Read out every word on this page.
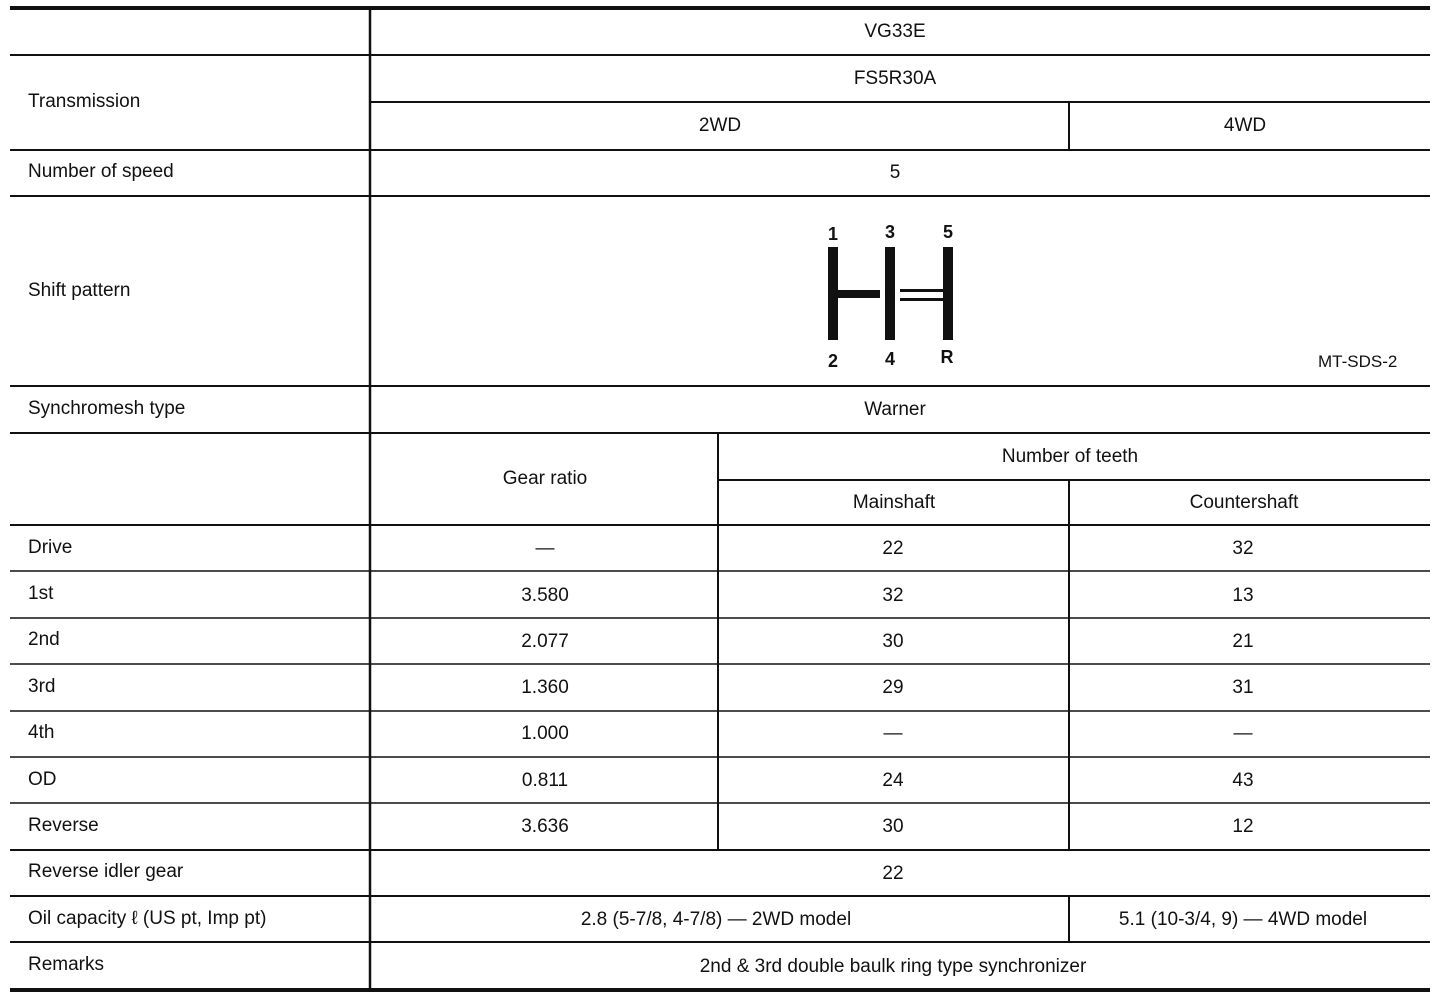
VG33E
Transmission
FS5R30A
2WD	4WD
Number of speed	5
Shift pattern
1	3	5
2	4	R
N
MT-SDS-2
Synchromesh type	Warner
Gear ratio
Number of teeth
Mainshaft	Countershaft
Drive	—	22	32
1st	3.580	32	13
2nd	2.077	30	21
3rd	1.360	29	31
4th	1.000	—	—
OD	0.811	24	43
Reverse	3.636	30	12
Reverse idler gear	22
Oil capacity ℓ (US pt, Imp pt)	2.8 (5-7/8, 4-7/8) — 2WD model	5.1 (10-3/4, 9) — 4WD model
Remarks	2nd & 3rd double baulk ring type synchronizer
